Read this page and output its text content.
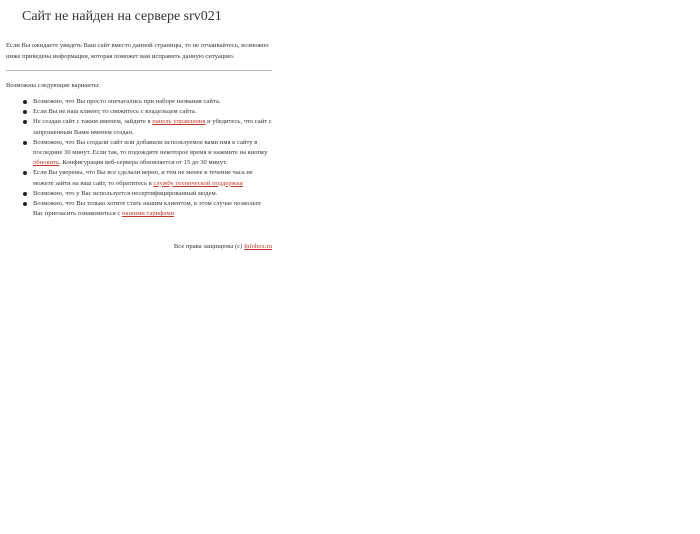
Сайт не найден на сервере srv021

Если Вы ожидаете увидеть Ваш сайт вместо данной страницы, то не отчаивайтесь, возможно ниже приведена информация, которая поможет вам исправить данную ситуацию.

Возможны следующие варианты:

Возможно, что Вы просто опечатались при наборе названия сайта.
Если Вы не наш клиент, то свяжитесь с владельцем сайта.
Не создан сайт с таким именем, зайдите в панель управления и убедитесь, что сайт с запрошенным Вами именем создан.
Возможно, что Вы создали сайт или добавили используемое вами имя к сайту в последние 30 минут. Если так, то подождите некоторое время и нажмите на кнопку обновить. Конфигурация веб-сервера обновляется от 15 до 30 минут.
Если Вы уверены, что Вы все сделали верно, и тем не менее в течение часа не можете зайти на ваш сайт, то обратитесь в службу технической поддержки
Возможно, что у Вас используется несертифицированный модем.
Возможно, что Вы только хотите стать нашим клиентом, в этом случае позвольте Вас пригласить ознакомиться с нашими тарифами

Все права защищены (c) Infobox.ru
